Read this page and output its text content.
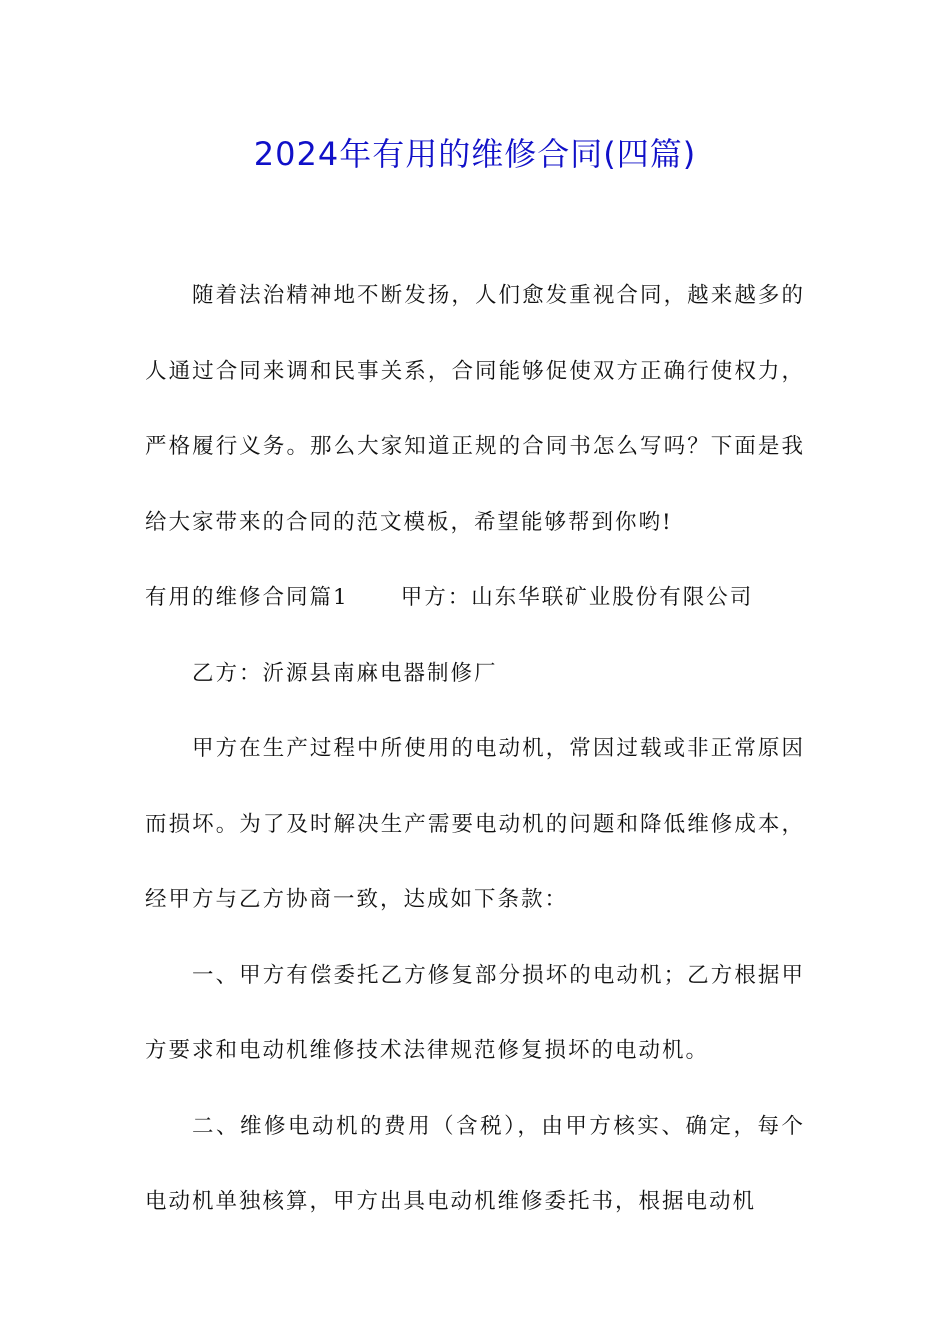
2024年有用的维修合同(四篇)

随着法治精神地不断发扬，人们愈发重视合同，越来越多的人通过合同来调和民事关系，合同能够促使双方正确行使权力，严格履行义务。那么大家知道正规的合同书怎么写吗？下面是我给大家带来的合同的范文模板，希望能够帮到你哟!

有用的维修合同篇1 甲方：山东华联矿业股份有限公司

乙方：沂源县南麻电器制修厂

甲方在生产过程中所使用的电动机，常因过载或非正常原因而损坏。为了及时解决生产需要电动机的问题和降低维修成本，经甲方与乙方协商一致，达成如下条款：

一、甲方有偿委托乙方修复部分损坏的电动机；乙方根据甲方要求和电动机维修技术法律规范修复损坏的电动机。

二、维修电动机的费用（含税），由甲方核实、确定，每个电动机单独核算，甲方出具电动机维修委托书，根据电动机
